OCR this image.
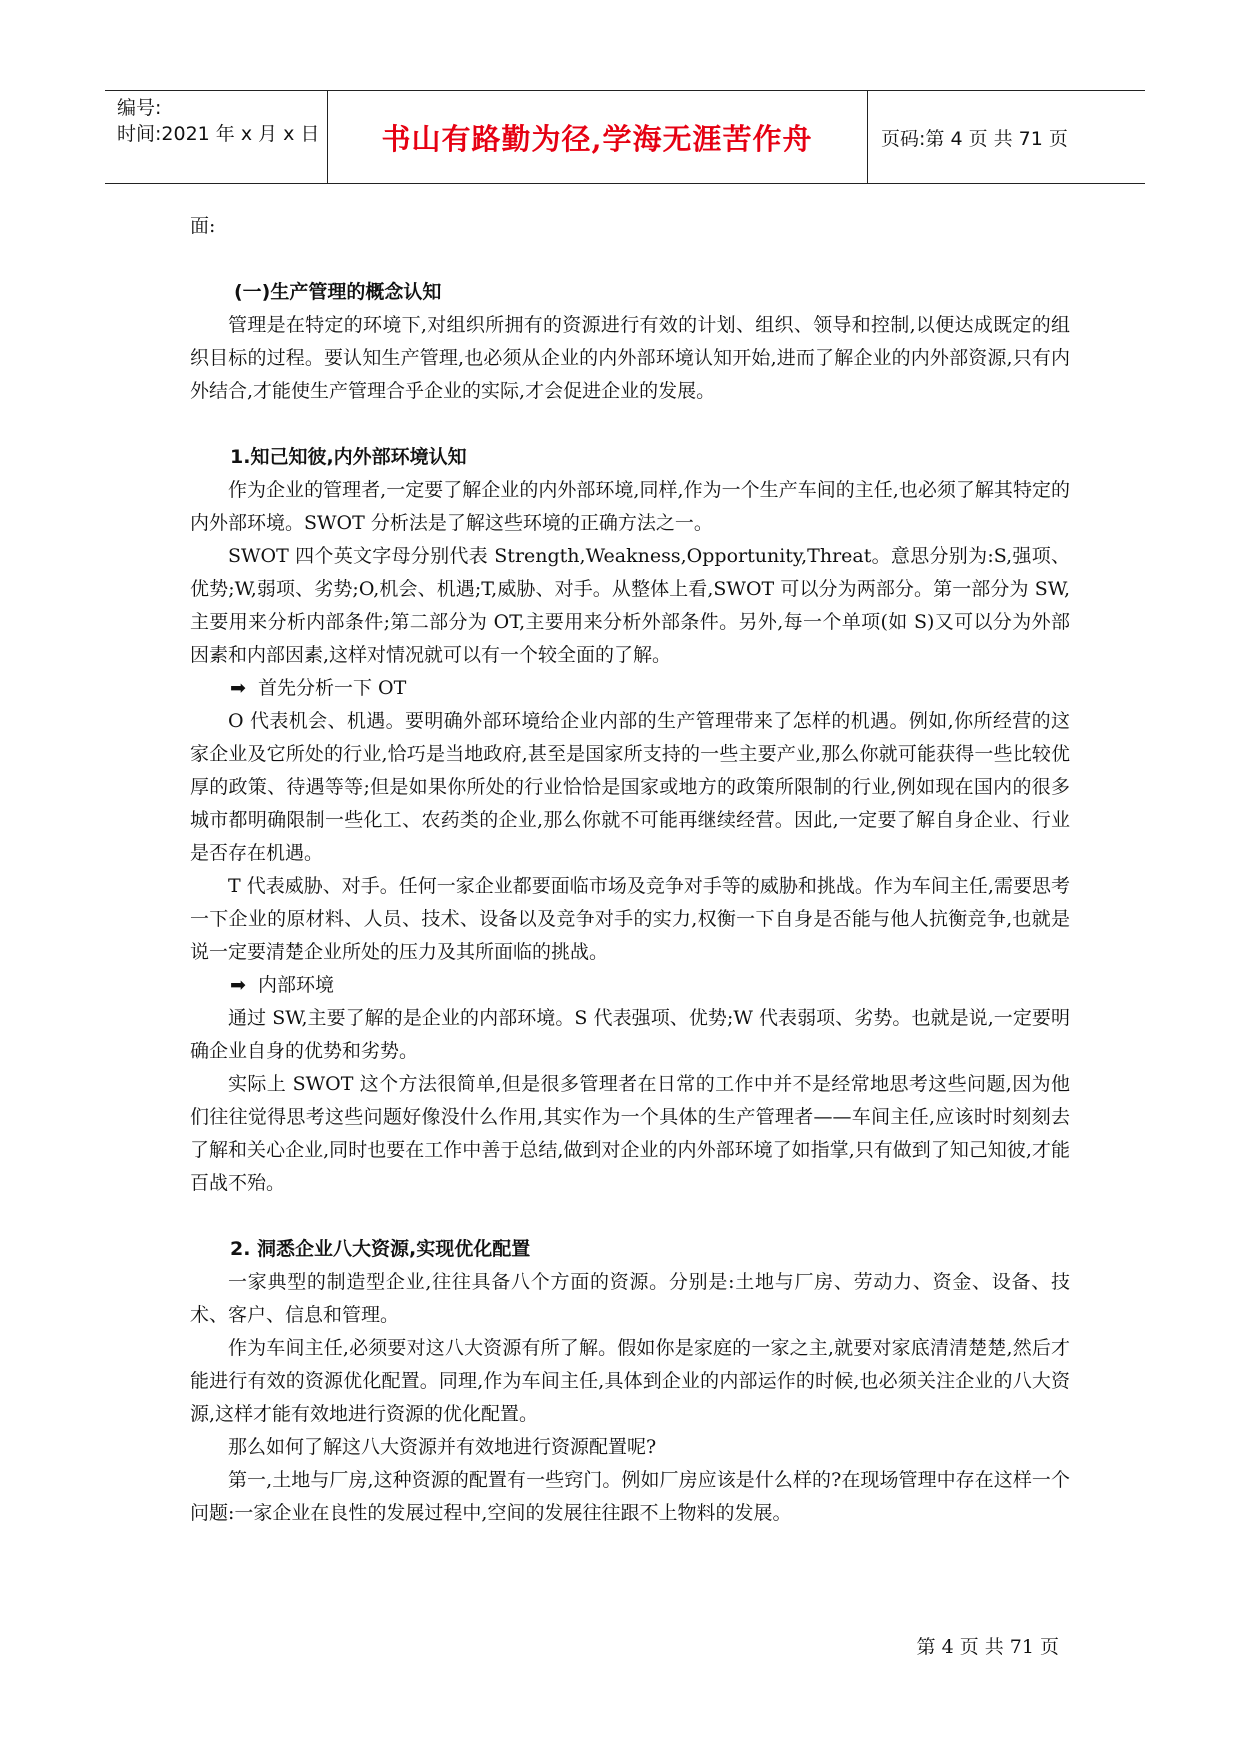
编号:
时间:2021 年 x 月 x 日	书山有路勤为径,学海无涯苦作舟	页码:第 4 页 共 71 页

面:

(一)生产管理的概念认知

管理是在特定的环境下,对组织所拥有的资源进行有效的计划、组织、领导和控制,以便达成既定的组织目标的过程。要认知生产管理,也必须从企业的内外部环境认知开始,进而了解企业的内外部资源,只有内外结合,才能使生产管理合乎企业的实际,才会促进企业的发展。

1.知己知彼,内外部环境认知

作为企业的管理者,一定要了解企业的内外部环境,同样,作为一个生产车间的主任,也必须了解其特定的内外部环境。SWOT 分析法是了解这些环境的正确方法之一。

SWOT 四个英文字母分别代表 Strength,Weakness,Opportunity,Threat。意思分别为:S,强项、优势;W,弱项、劣势;O,机会、机遇;T,威胁、对手。从整体上看,SWOT 可以分为两部分。第一部分为 SW,主要用来分析内部条件;第二部分为 OT,主要用来分析外部条件。另外,每一个单项(如 S)又可以分为外部因素和内部因素,这样对情况就可以有一个较全面的了解。

➡ 首先分析一下 OT

O 代表机会、机遇。要明确外部环境给企业内部的生产管理带来了怎样的机遇。例如,你所经营的这家企业及它所处的行业,恰巧是当地政府,甚至是国家所支持的一些主要产业,那么你就可能获得一些比较优厚的政策、待遇等等;但是如果你所处的行业恰恰是国家或地方的政策所限制的行业,例如现在国内的很多城市都明确限制一些化工、农药类的企业,那么你就不可能再继续经营。因此,一定要了解自身企业、行业是否存在机遇。

T 代表威胁、对手。任何一家企业都要面临市场及竞争对手等的威胁和挑战。作为车间主任,需要思考一下企业的原材料、人员、技术、设备以及竞争对手的实力,权衡一下自身是否能与他人抗衡竞争,也就是说一定要清楚企业所处的压力及其所面临的挑战。

➡ 内部环境

通过 SW,主要了解的是企业的内部环境。S 代表强项、优势;W 代表弱项、劣势。也就是说,一定要明确企业自身的优势和劣势。

实际上 SWOT 这个方法很简单,但是很多管理者在日常的工作中并不是经常地思考这些问题,因为他们往往觉得思考这些问题好像没什么作用,其实作为一个具体的生产管理者——车间主任,应该时时刻刻去了解和关心企业,同时也要在工作中善于总结,做到对企业的内外部环境了如指掌,只有做到了知己知彼,才能百战不殆。

2. 洞悉企业八大资源,实现优化配置

一家典型的制造型企业,往往具备八个方面的资源。分别是:土地与厂房、劳动力、资金、设备、技术、客户、信息和管理。

作为车间主任,必须要对这八大资源有所了解。假如你是家庭的一家之主,就要对家底清清楚楚,然后才能进行有效的资源优化配置。同理,作为车间主任,具体到企业的内部运作的时候,也必须关注企业的八大资源,这样才能有效地进行资源的优化配置。

那么如何了解这八大资源并有效地进行资源配置呢?

第一,土地与厂房,这种资源的配置有一些窍门。例如厂房应该是什么样的?在现场管理中存在这样一个问题:一家企业在良性的发展过程中,空间的发展往往跟不上物料的发展。

第 4 页 共 71 页
